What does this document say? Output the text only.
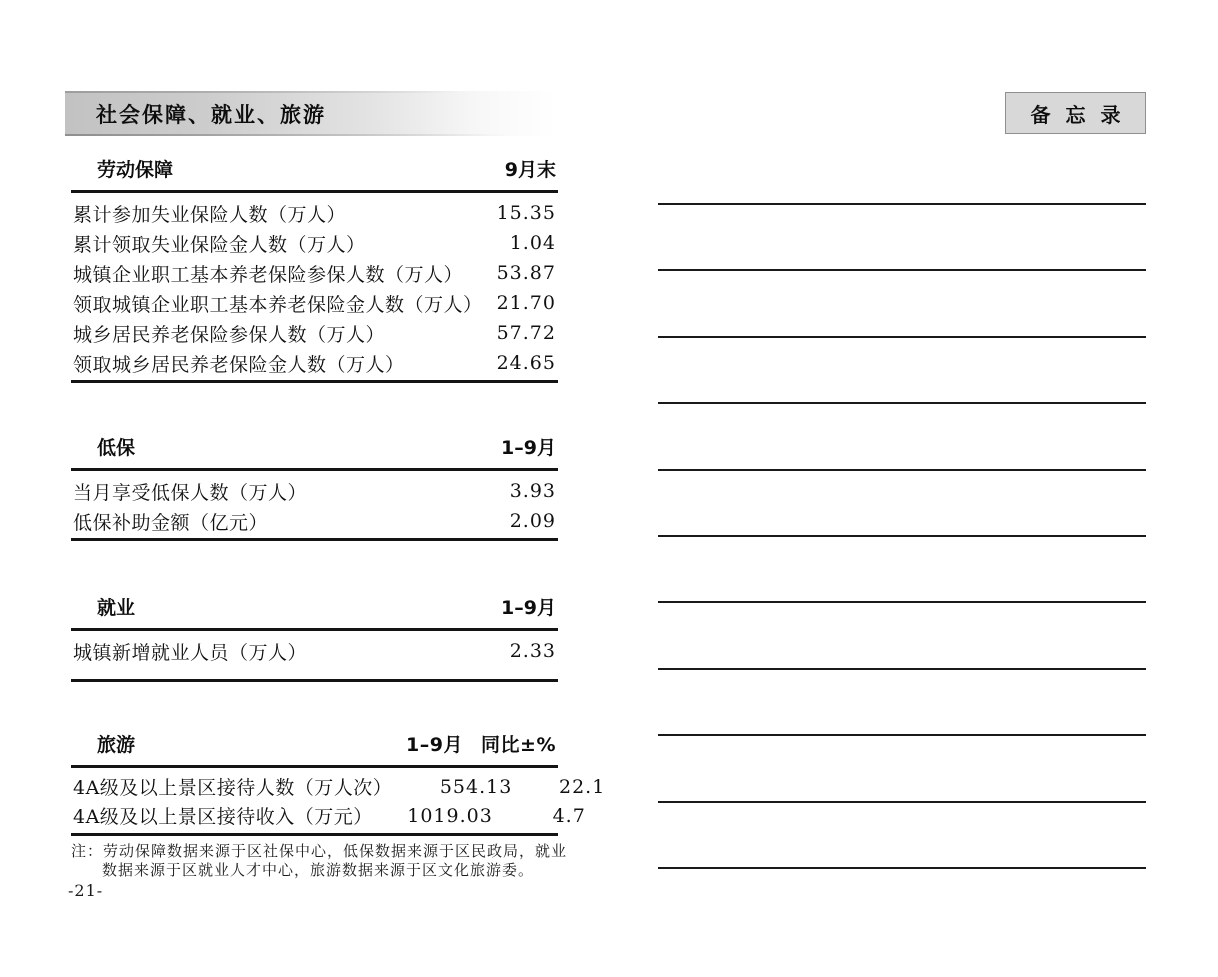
社会保障、就业、旅游	备 忘 录
劳动保障	9月末
累计参加失业保险人数（万人）	15.35
累计领取失业保险金人数（万人）	1.04
城镇企业职工基本养老保险参保人数（万人） 53.87
领取城镇企业职工基本养老保险金人数（万人） 21.70
城乡居民养老保险参保人数（万人）	57.72
领取城乡居民养老保险金人数（万人）	24.65
低保	1–9月
当月享受低保人数（万人）	3.93
低保补助金额（亿元）	2.09
就业	1–9月
城镇新增就业人员（万人）	2.33
旅游	1–9月 同比±%
4A级及以上景区接待人数（万人次）	554.13	22.1
4A级及以上景区接待收入（万元）	1019.03	4.7
注：劳动保障数据来源于区社保中心，低保数据来源于区民政局，就业
数据来源于区就业人才中心，旅游数据来源于区文化旅游委。
-21-
